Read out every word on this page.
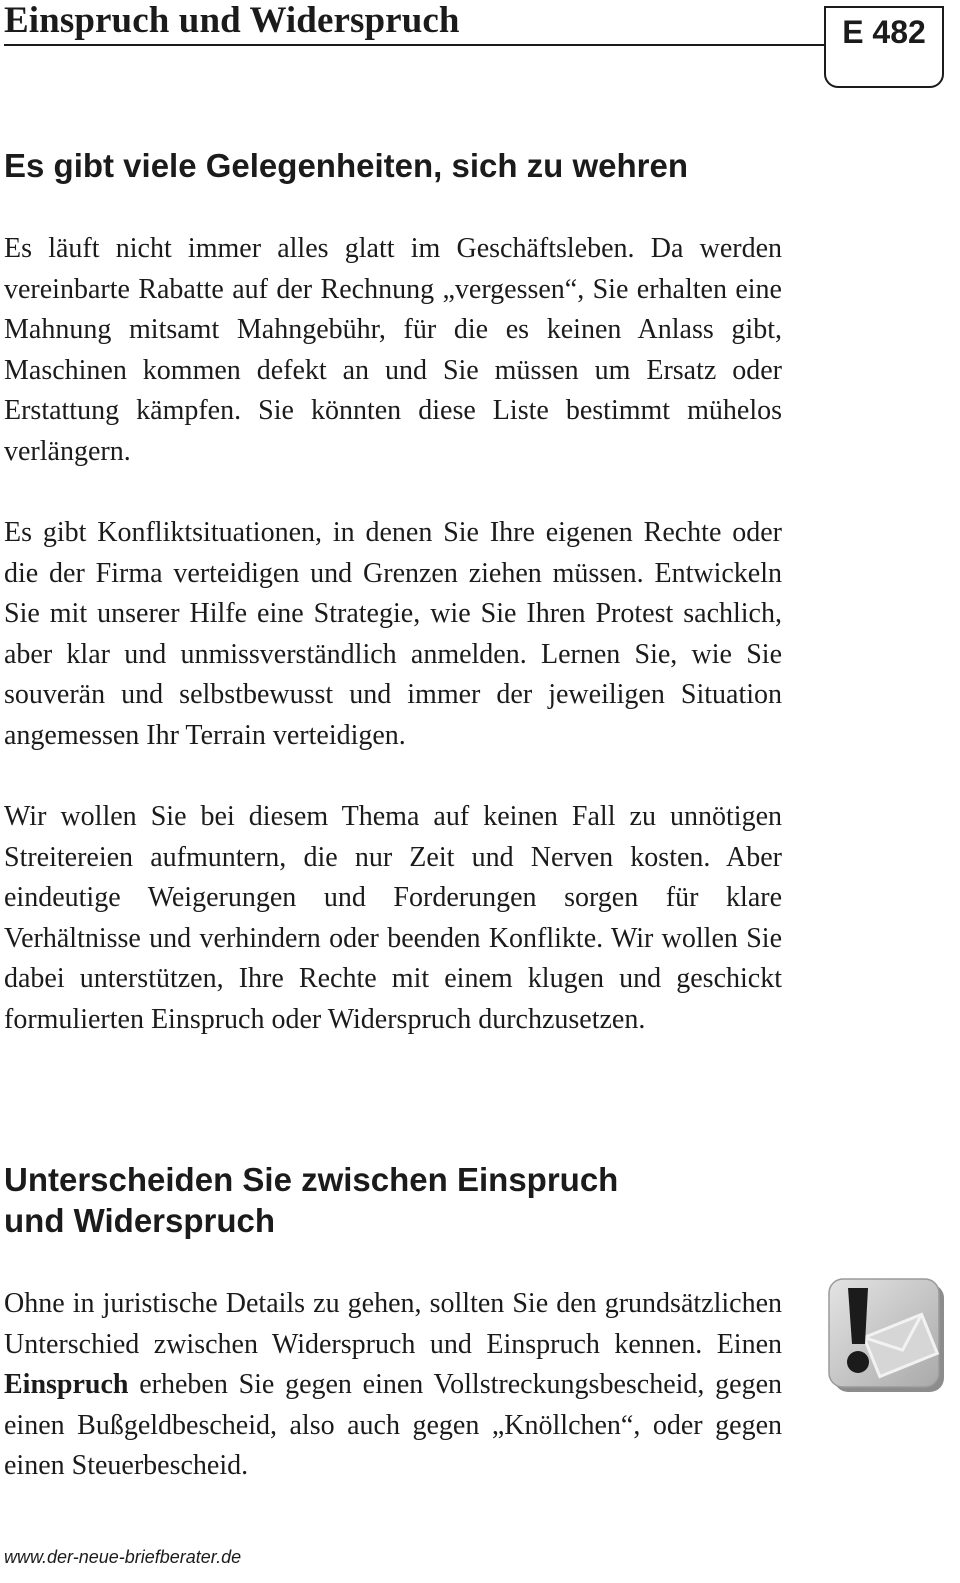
Einspruch und Widerspruch	E 482
Es gibt viele Gelegenheiten, sich zu wehren

Es läuft nicht immer alles glatt im Geschäftsleben. Da werden vereinbarte Rabatte auf der Rechnung „vergessen“, Sie erhalten eine Mahnung mitsamt Mahngebühr, für die es keinen Anlass gibt, Maschinen kommen defekt an und Sie müssen um Ersatz oder Erstattung kämpfen. Sie könnten diese Liste bestimmt mühelos verlängern.

Es gibt Konfliktsituationen, in denen Sie Ihre eigenen Rechte oder die der Firma verteidigen und Grenzen ziehen müssen. Entwickeln Sie mit unserer Hilfe eine Strategie, wie Sie Ihren Protest sachlich, aber klar und unmissverständlich anmelden. Lernen Sie, wie Sie souverän und selbstbewusst und immer der jeweiligen Situation angemessen Ihr Terrain verteidigen.

Wir wollen Sie bei diesem Thema auf keinen Fall zu unnötigen Streitereien aufmuntern, die nur Zeit und Nerven kosten. Aber eindeutige Weigerungen und Forderungen sorgen für klare Verhältnisse und verhindern oder beenden Konflikte. Wir wollen Sie dabei unterstützen, Ihre Rechte mit einem klugen und geschickt formulierten Einspruch oder Widerspruch durchzusetzen.

Unterscheiden Sie zwischen Einspruch
und Widerspruch

Ohne in juristische Details zu gehen, sollten Sie den grundsätzlichen Unterschied zwischen Widerspruch und Einspruch kennen. Einen Einspruch erheben Sie gegen einen Vollstreckungsbescheid, gegen einen Bußgeldbescheid, also auch gegen „Knöllchen“, oder gegen einen Steuerbescheid.

www.der-neue-briefberater.de
